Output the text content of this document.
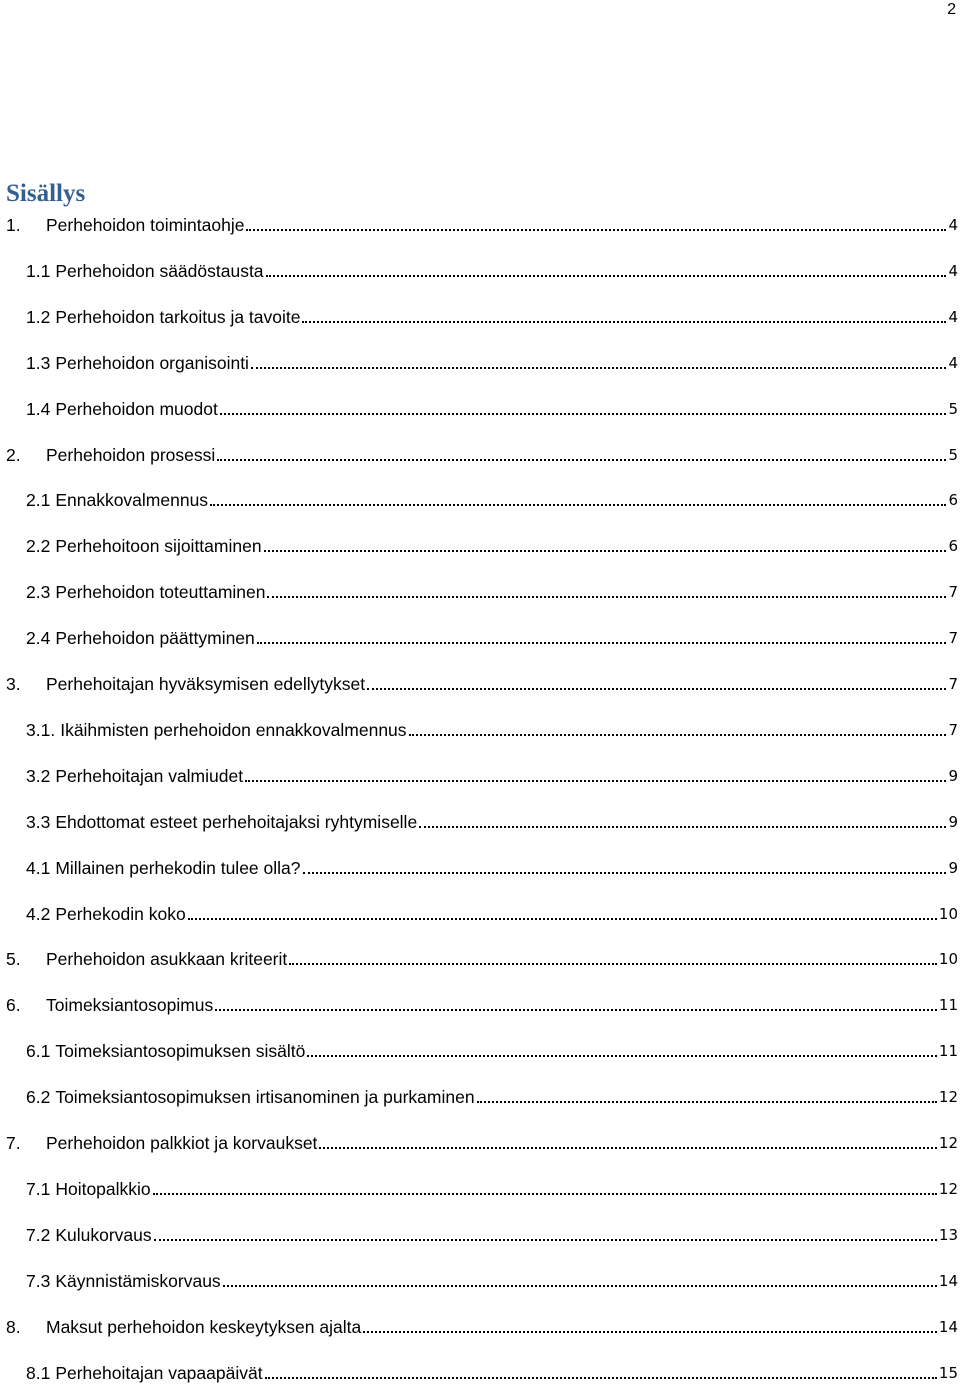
2
Sisällys
1.	Perhehoidon toimintaohje	4
1.1 Perhehoidon säädöstausta	4
1.2 Perhehoidon tarkoitus ja tavoite	4
1.3 Perhehoidon organisointi	4
1.4 Perhehoidon muodot	5
2.	Perhehoidon prosessi	5
2.1 Ennakkovalmennus	6
2.2 Perhehoitoon sijoittaminen	6
2.3 Perhehoidon toteuttaminen	7
2.4 Perhehoidon päättyminen	7
3.	Perhehoitajan hyväksymisen edellytykset	7
3.1. Ikäihmisten perhehoidon ennakkovalmennus	7
3.2 Perhehoitajan valmiudet	9
3.3 Ehdottomat esteet perhehoitajaksi ryhtymiselle	9
4.1 Millainen perhekodin tulee olla?	9
4.2 Perhekodin koko	10
5.	Perhehoidon asukkaan kriteerit	10
6.	Toimeksiantosopimus	11
6.1 Toimeksiantosopimuksen sisältö	11
6.2 Toimeksiantosopimuksen irtisanominen ja purkaminen	12
7.	Perhehoidon palkkiot ja korvaukset	12
7.1 Hoitopalkkio	12
7.2 Kulukorvaus	13
7.3 Käynnistämiskorvaus	14
8.	Maksut perhehoidon keskeytyksen ajalta	14
8.1 Perhehoitajan vapaapäivät	15
